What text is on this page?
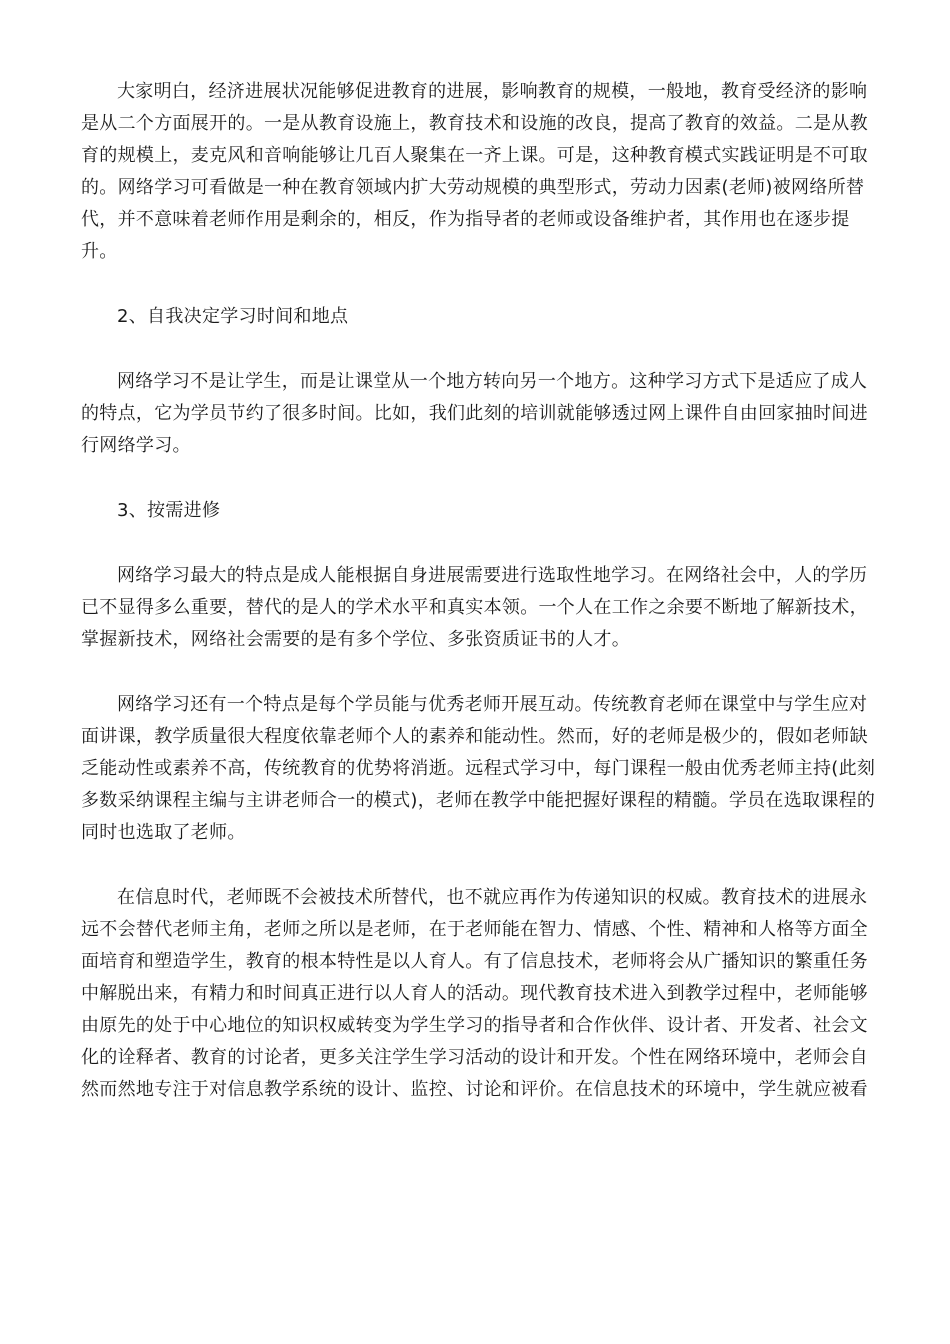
大家明白，经济进展状况能够促进教育的进展，影响教育的规模，一般地，教育受经济的影响
是从二个方面展开的。一是从教育设施上，教育技术和设施的改良，提高了教育的效益。二是从教
育的规模上，麦克风和音响能够让几百人聚集在一齐上课。可是，这种教育模式实践证明是不可取
的。网络学习可看做是一种在教育领域内扩大劳动规模的典型形式，劳动力因素(老师)被网络所替
代，并不意味着老师作用是剩余的，相反，作为指导者的老师或设备维护者，其作用也在逐步提
升。
2、自我决定学习时间和地点
网络学习不是让学生，而是让课堂从一个地方转向另一个地方。这种学习方式下是适应了成人
的特点，它为学员节约了很多时间。比如，我们此刻的培训就能够透过网上课件自由回家抽时间进
行网络学习。
3、按需进修
网络学习最大的特点是成人能根据自身进展需要进行选取性地学习。在网络社会中，人的学历
已不显得多么重要，替代的是人的学术水平和真实本领。一个人在工作之余要不断地了解新技术，
掌握新技术，网络社会需要的是有多个学位、多张资质证书的人才。
网络学习还有一个特点是每个学员能与优秀老师开展互动。传统教育老师在课堂中与学生应对
面讲课，教学质量很大程度依靠老师个人的素养和能动性。然而，好的老师是极少的，假如老师缺
乏能动性或素养不高，传统教育的优势将消逝。远程式学习中，每门课程一般由优秀老师主持(此刻
多数采纳课程主编与主讲老师合一的模式)，老师在教学中能把握好课程的精髓。学员在选取课程的
同时也选取了老师。
在信息时代，老师既不会被技术所替代，也不就应再作为传递知识的权威。教育技术的进展永
远不会替代老师主角，老师之所以是老师，在于老师能在智力、情感、个性、精神和人格等方面全
面培育和塑造学生，教育的根本特性是以人育人。有了信息技术，老师将会从广播知识的繁重任务
中解脱出来，有精力和时间真正进行以人育人的活动。现代教育技术进入到教学过程中，老师能够
由原先的处于中心地位的知识权威转变为学生学习的指导者和合作伙伴、设计者、开发者、社会文
化的诠释者、教育的讨论者，更多关注学生学习活动的设计和开发。个性在网络环境中，老师会自
然而然地专注于对信息教学系统的设计、监控、讨论和评价。在信息技术的环境中，学生就应被看
